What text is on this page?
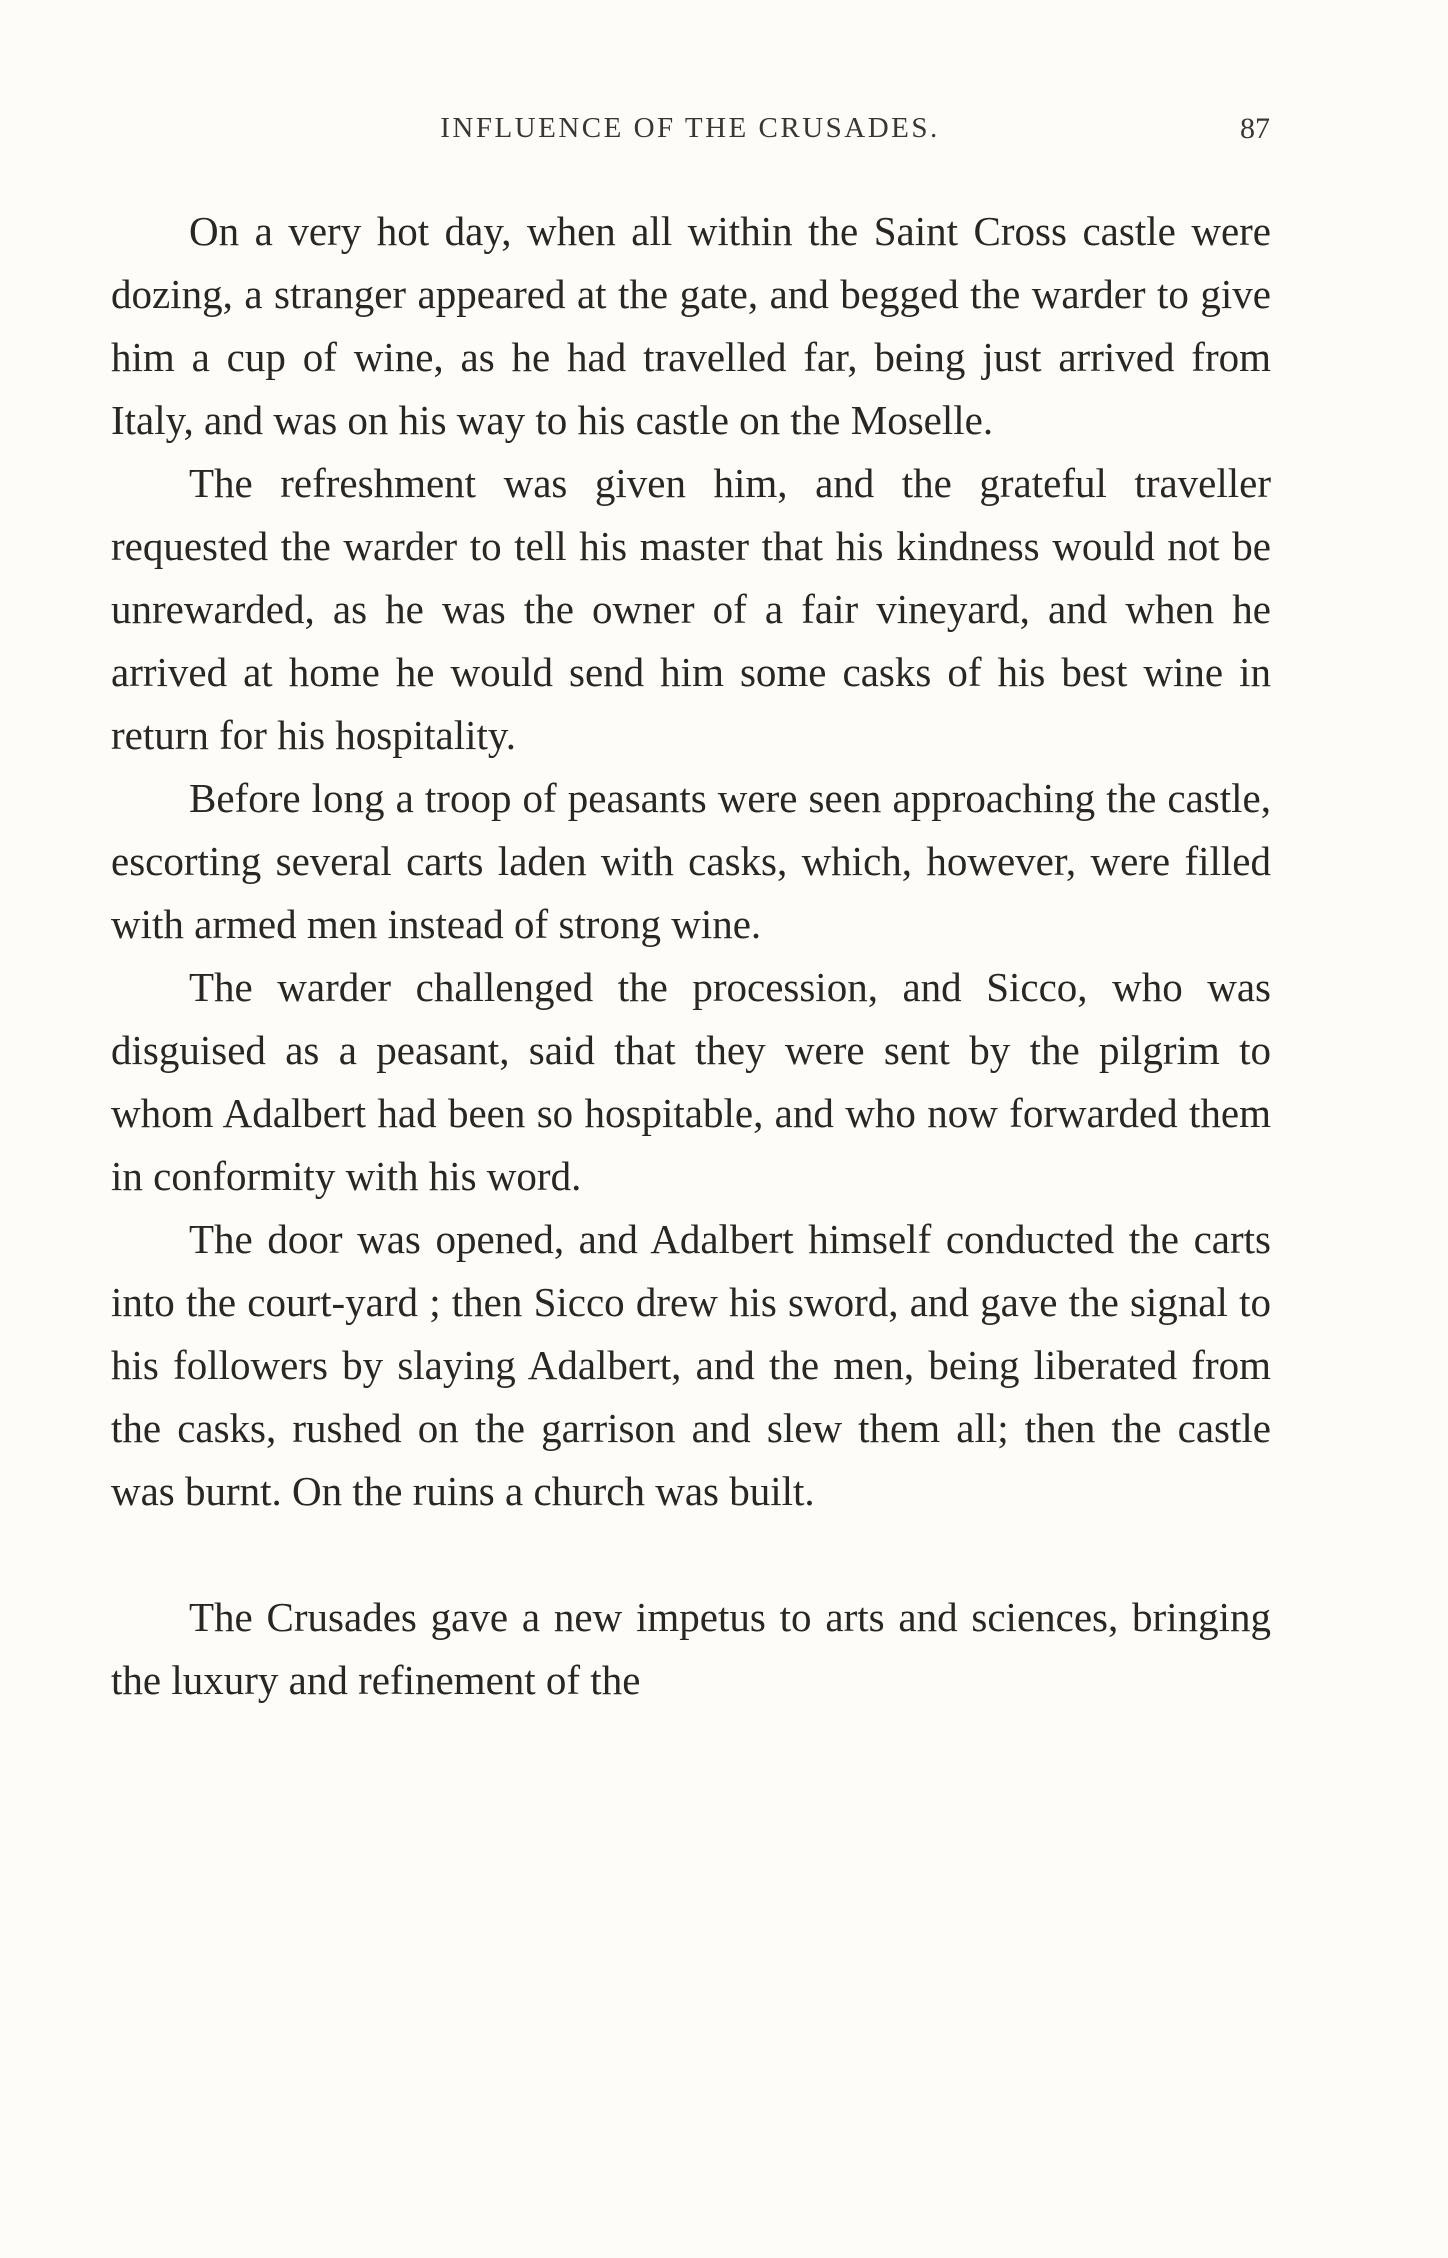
INFLUENCE OF THE CRUSADES.	87

On a very hot day, when all within the Saint Cross castle were dozing, a stranger appeared at the gate, and begged the warder to give him a cup of wine, as he had travelled far, being just arrived from Italy, and was on his way to his castle on the Moselle.

The refreshment was given him, and the grateful traveller requested the warder to tell his master that his kindness would not be unrewarded, as he was the owner of a fair vineyard, and when he arrived at home he would send him some casks of his best wine in return for his hospitality.

Before long a troop of peasants were seen approaching the castle, escorting several carts laden with casks, which, however, were filled with armed men instead of strong wine.

The warder challenged the procession, and Sicco, who was disguised as a peasant, said that they were sent by the pilgrim to whom Adalbert had been so hospitable, and who now forwarded them in conformity with his word.

The door was opened, and Adalbert himself conducted the carts into the court-yard ; then Sicco drew his sword, and gave the signal to his followers by slaying Adalbert, and the men, being liberated from the casks, rushed on the garrison and slew them all; then the castle was burnt. On the ruins a church was built.

The Crusades gave a new impetus to arts and sciences, bringing the luxury and refinement of the
